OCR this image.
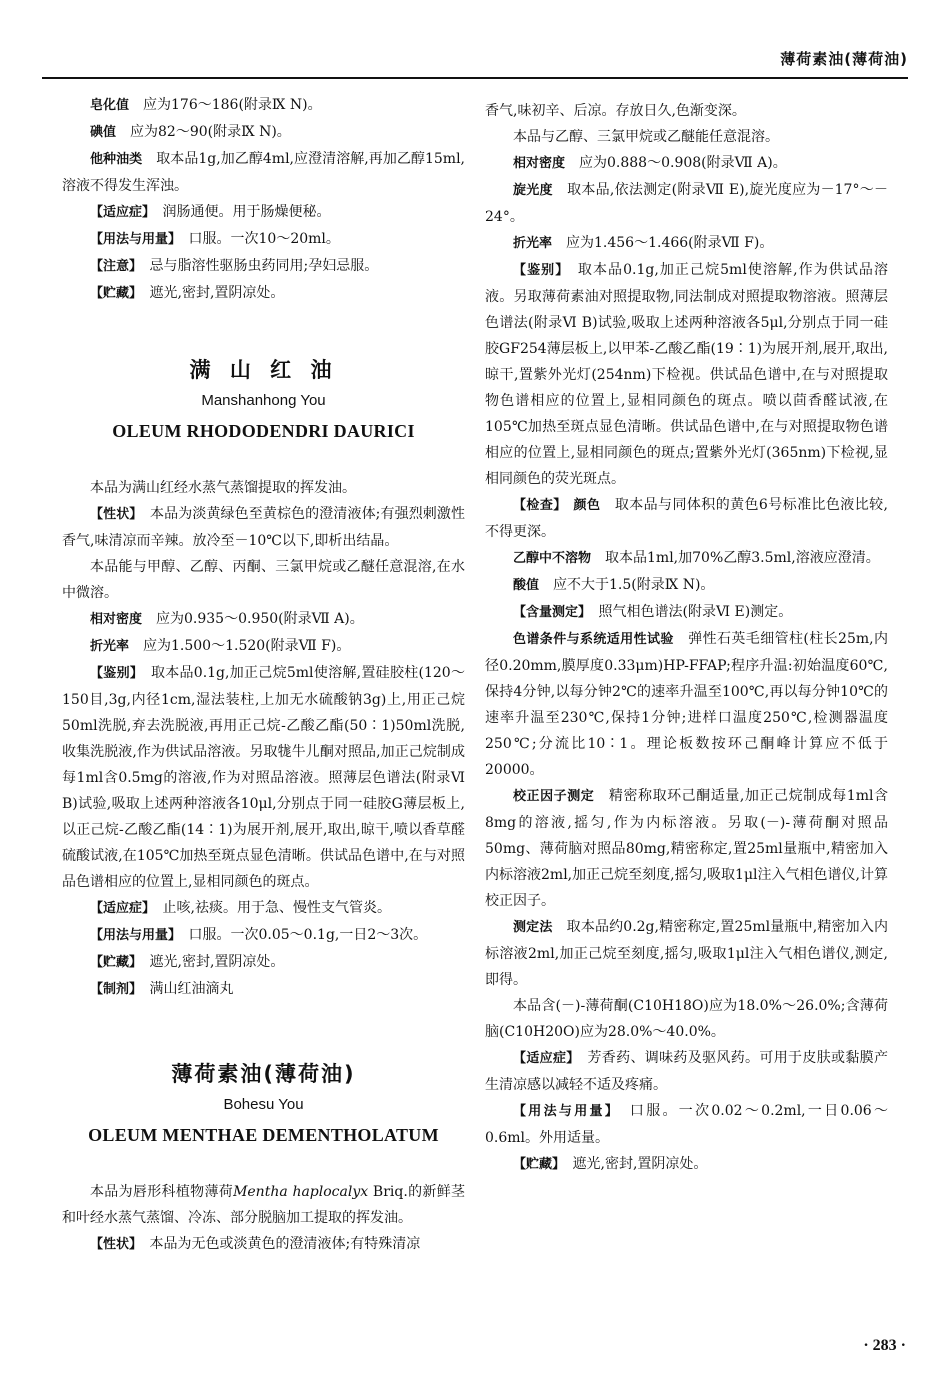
薄荷素油(薄荷油)

皂化值　 应为176～186(附录Ⅸ N)。

碘值　 应为82～90(附录Ⅸ N)。

他种油类　 取本品1g,加乙醇4ml,应澄清溶解,再加乙醇15ml,溶液不得发生浑浊。

【适应症】　 润肠通便。用于肠燥便秘。

【用法与用量】　 口服。一次10～20ml。

【注意】　 忌与脂溶性驱肠虫药同用;孕妇忌服。

【贮藏】　 遮光,密封,置阴凉处。

满 山 红 油
Manshanhong You
OLEUM RHODODENDRI DAURICI

本品为满山红经水蒸气蒸馏提取的挥发油。

【性状】　 本品为淡黄绿色至黄棕色的澄清液体;有强烈刺激性香气,味清凉而辛辣。放冷至－10℃以下,即析出结晶。

本品能与甲醇、乙醇、丙酮、三氯甲烷或乙醚任意混溶,在水中微溶。

相对密度　 应为0.935～0.950(附录Ⅶ A)。

折光率　 应为1.500～1.520(附录Ⅶ F)。

【鉴别】　 取本品0.1g,加正己烷5ml使溶解,置硅胶柱(120～150目,3g,内径1cm,湿法装柱,上加无水硫酸钠3g)上,用正己烷50ml洗脱,弃去洗脱液,再用正己烷-乙酸乙酯(50∶1)50ml洗脱,收集洗脱液,作为供试品溶液。另取牻牛儿酮对照品,加正己烷制成每1ml含0.5mg的溶液,作为对照品溶液。照薄层色谱法(附录Ⅵ B)试验,吸取上述两种溶液各10μl,分别点于同一硅胶G薄层板上,以正己烷-乙酸乙酯(14∶1)为展开剂,展开,取出,晾干,喷以香草醛硫酸试液,在105℃加热至斑点显色清晰。供试品色谱中,在与对照品色谱相应的位置上,显相同颜色的斑点。

【适应症】　 止咳,祛痰。用于急、慢性支气管炎。

【用法与用量】　 口服。一次0.05～0.1g,一日2～3次。

【贮藏】　 遮光,密封,置阴凉处。

【制剂】　 满山红油滴丸

薄荷素油(薄荷油)
Bohesu You
OLEUM MENTHAE DEMENTHOLATUM

本品为唇形科植物薄荷Mentha haplocalyx Briq.的新鲜茎和叶经水蒸气蒸馏、冷冻、部分脱脑加工提取的挥发油。

【性状】　 本品为无色或淡黄色的澄清液体;有特殊清凉

香气,味初辛、后凉。存放日久,色渐变深。

本品与乙醇、三氯甲烷或乙醚能任意混溶。

相对密度　 应为0.888～0.908(附录Ⅶ A)。

旋光度　 取本品,依法测定(附录Ⅶ E),旋光度应为－17°～－24°。

折光率　 应为1.456～1.466(附录Ⅶ F)。

【鉴别】　 取本品0.1g,加正己烷5ml使溶解,作为供试品溶液。另取薄荷素油对照提取物,同法制成对照提取物溶液。照薄层色谱法(附录Ⅵ B)试验,吸取上述两种溶液各5μl,分别点于同一硅胶GF254薄层板上,以甲苯-乙酸乙酯(19∶1)为展开剂,展开,取出,晾干,置紫外光灯(254nm)下检视。供试品色谱中,在与对照提取物色谱相应的位置上,显相同颜色的斑点。喷以茴香醛试液,在105℃加热至斑点显色清晰。供试品色谱中,在与对照提取物色谱相应的位置上,显相同颜色的斑点;置紫外光灯(365nm)下检视,显相同颜色的荧光斑点。

【检查】　颜色　 取本品与同体积的黄色6号标准比色液比较,不得更深。

乙醇中不溶物　 取本品1ml,加70%乙醇3.5ml,溶液应澄清。

酸值　 应不大于1.5(附录Ⅸ N)。

【含量测定】　 照气相色谱法(附录Ⅵ E)测定。

色谱条件与系统适用性试验　 弹性石英毛细管柱(柱长25m,内径0.20mm,膜厚度0.33μm)HP-FFAP;程序升温:初始温度60℃,保持4分钟,以每分钟2℃的速率升温至100℃,再以每分钟10℃的速率升温至230℃,保持1分钟;进样口温度250℃,检测器温度250℃;分流比10∶1。理论板数按环己酮峰计算应不低于20000。

校正因子测定　 精密称取环己酮适量,加正己烷制成每1ml含8mg的溶液,摇匀,作为内标溶液。另取(－)-薄荷酮对照品50mg、薄荷脑对照品80mg,精密称定,置25ml量瓶中,精密加入内标溶液2ml,加正己烷至刻度,摇匀,吸取1μl注入气相色谱仪,计算校正因子。

测定法　 取本品约0.2g,精密称定,置25ml量瓶中,精密加入内标溶液2ml,加正己烷至刻度,摇匀,吸取1μl注入气相色谱仪,测定,即得。

本品含(－)-薄荷酮(C10H18O)应为18.0%～26.0%;含薄荷脑(C10H20O)应为28.0%～40.0%。

【适应症】　 芳香药、调味药及驱风药。可用于皮肤或黏膜产生清凉感以减轻不适及疼痛。

【用法与用量】　 口服。一次0.02～0.2ml,一日0.06～0.6ml。外用适量。

【贮藏】　 遮光,密封,置阴凉处。

· 283 ·
